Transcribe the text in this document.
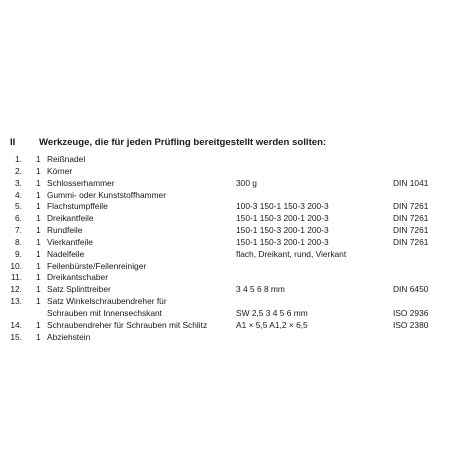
II Werkzeuge, die für jeden Prüfling bereitgestellt werden sollten:
1. 1 Reißnadel
2. 1 Körner
3. 1 Schlosserhammer	300 g	DIN 1041
4. 1 Gummi- oder Kunststoffhammer
5. 1 Flachstumpffeile	100-3 150-1 150-3 200-3	DIN 7261
6. 1 Dreikantfeile	150-1 150-3 200-1 200-3	DIN 7261
7. 1 Rundfeile	150-1 150-3 200-1 200-3	DIN 7261
8. 1 Vierkantfeile	150-1 150-3 200-1 200-3	DIN 7261
9. 1 Nadelfeile	flach, Dreikant, rund, Vierkant
10. 1 Feilenbürste/Feilenreiniger
11. 1 Dreikantschaber
12. 1 Satz Splinttreiber	3 4 5 6 8 mm	DIN 6450
13. 1 Satz Winkelschraubendreher für
Schrauben mit Innensechskant	SW 2,5 3 4 5 6 mm	ISO 2936
14. 1 Schraubendreher für Schrauben mit Schlitz	A1 × 5,5 A1,2 × 6,5	ISO 2380
15. 1 Abziehstein
